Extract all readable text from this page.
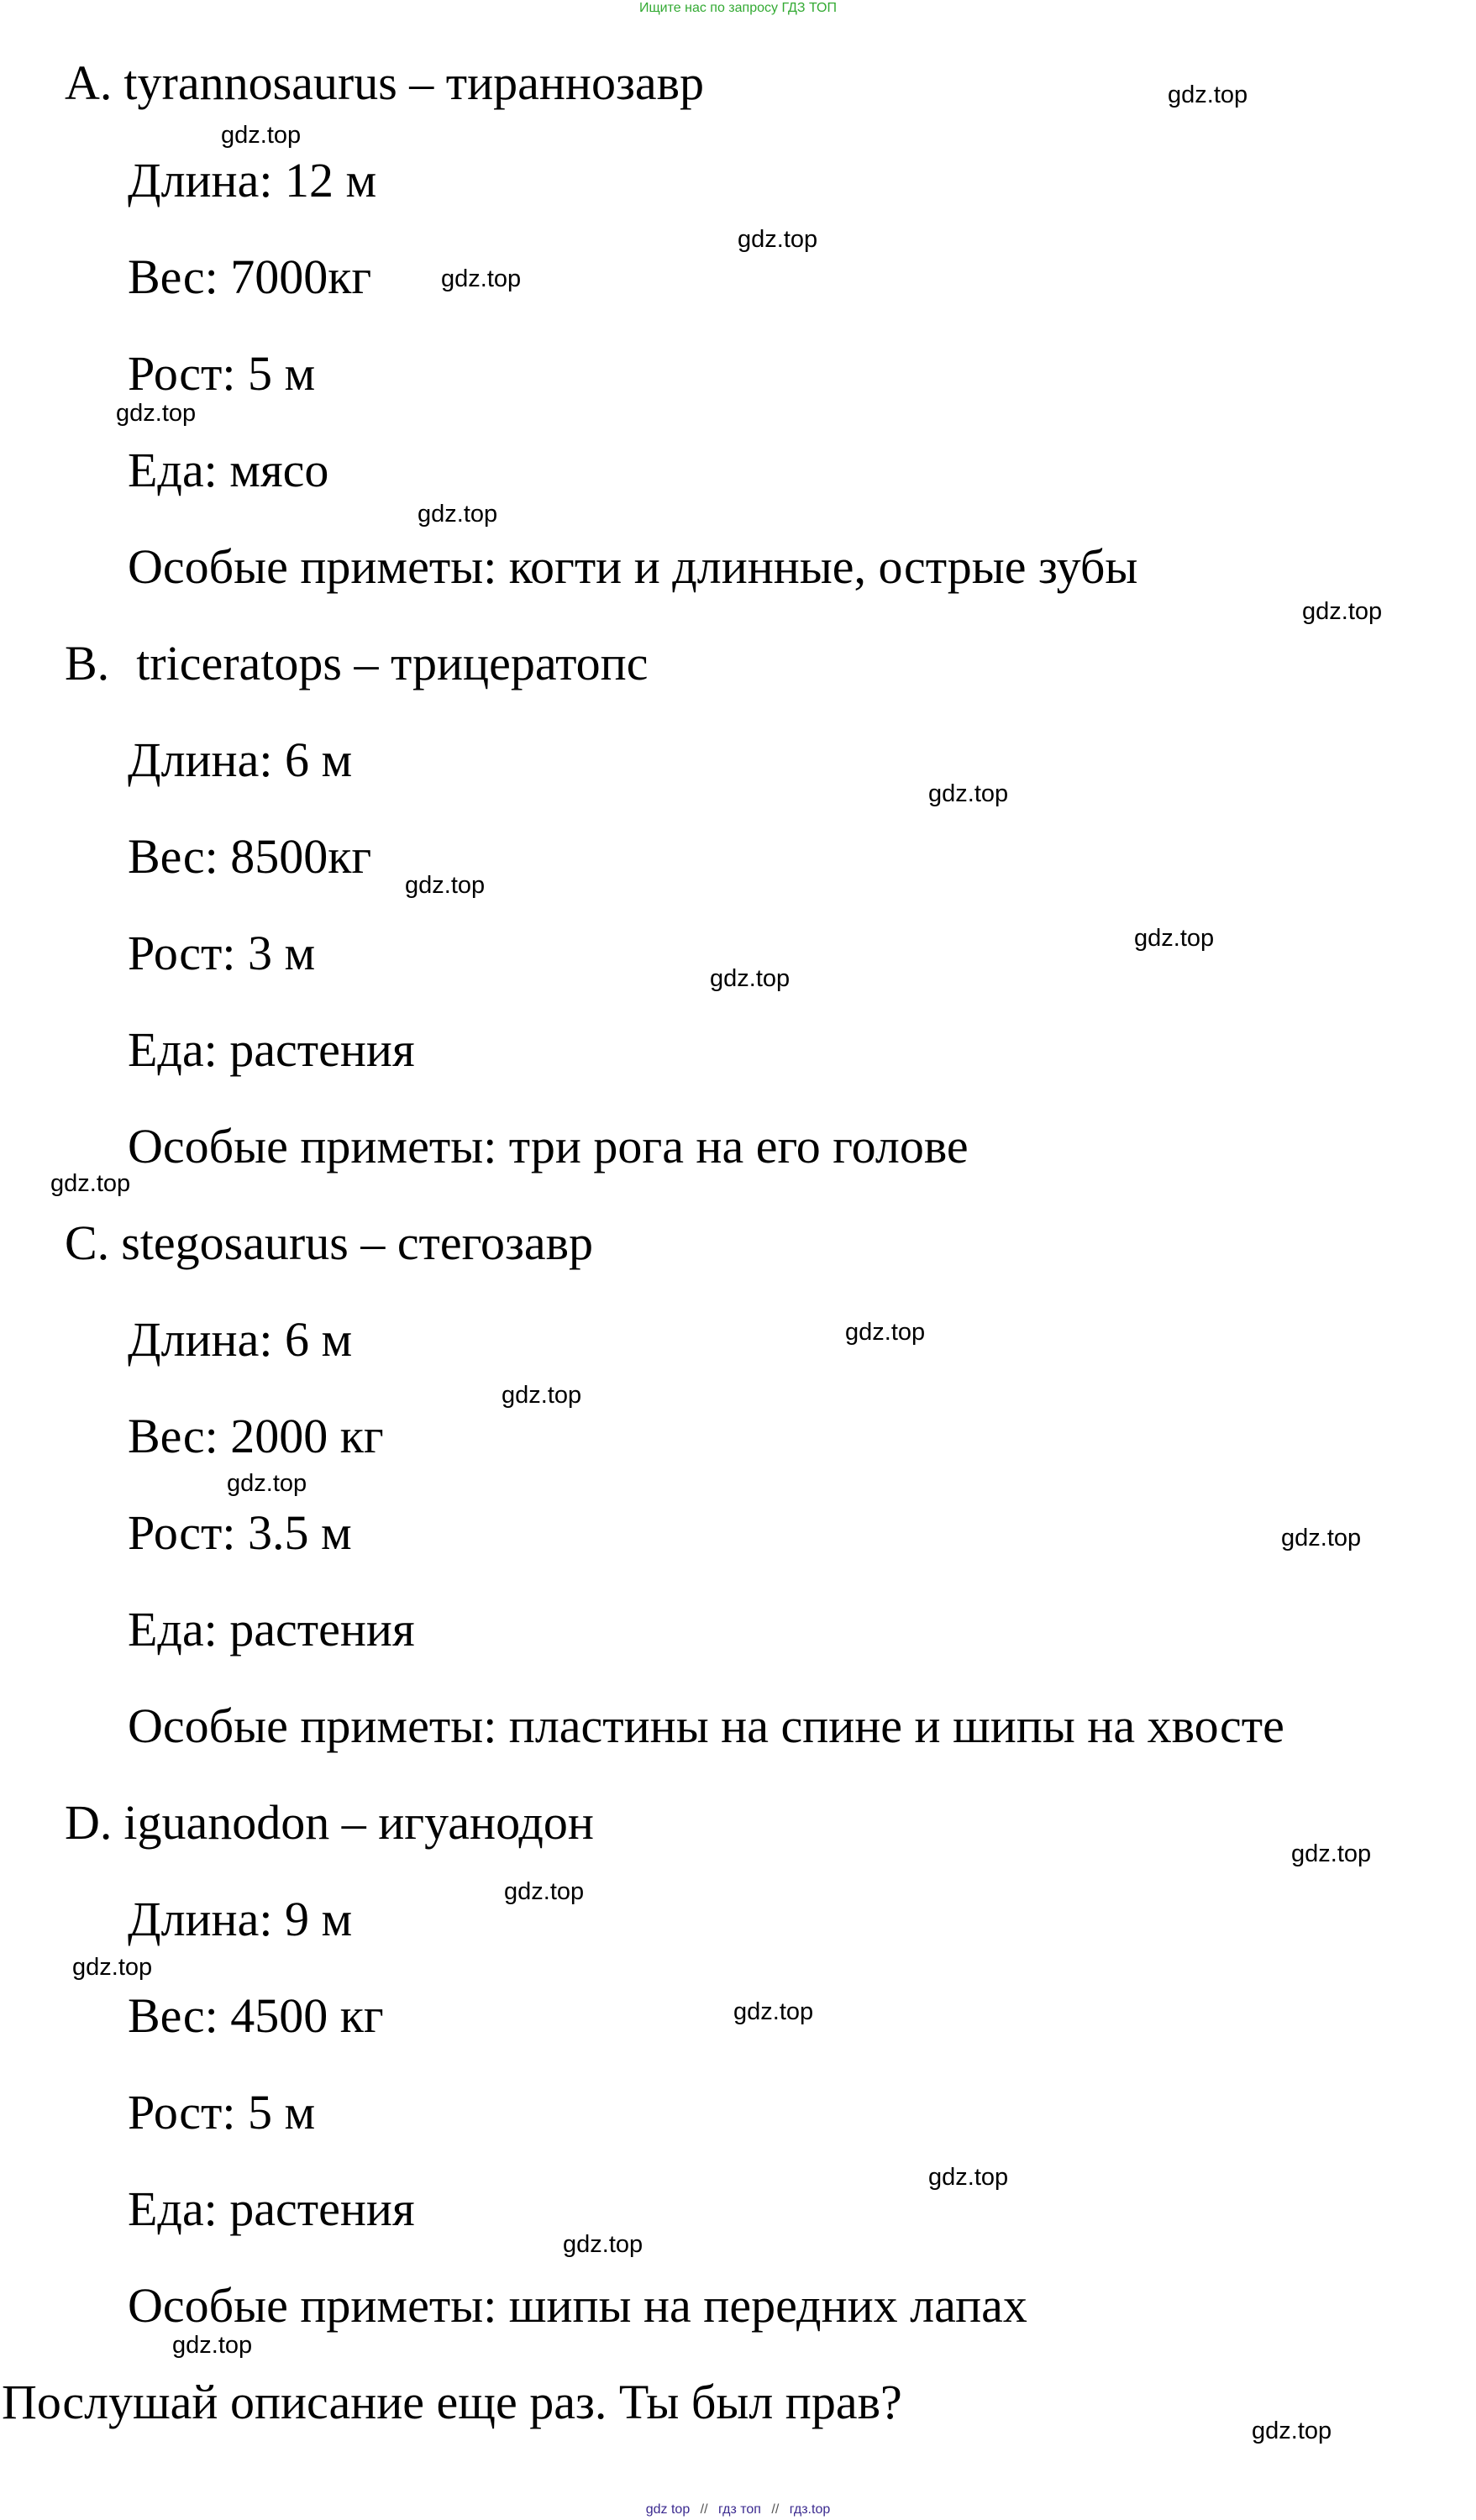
Ищите нас по запросу ГДЗ ТОП
A. tyrannosaurus – тираннозавр
Длина: 12 м
Вес: 7000кг
Рост: 5 м
Еда: мясо
Особые приметы: когти и длинные, острые зубы
B. triceratops – трицератопс
Длина: 6 м
Вес: 8500кг
Рост: 3 м
Еда: растения
Особые приметы: три рога на его голове
C. stegosaurus – стегозавр
Длина: 6 м
Вес: 2000 кг
Рост: 3.5 м
Еда: растения
Особые приметы: пластины на спине и шипы на хвосте
D. iguanodon – игуанодон
Длина: 9 м
Вес: 4500 кг
Рост: 5 м
Еда: растения
Особые приметы: шипы на передних лапах
Послушай описание еще раз. Ты был прав?
gdz.top
gdz.top
gdz.top
gdz.top
gdz.top
gdz.top
gdz.top
gdz.top
gdz.top
gdz.top
gdz.top
gdz.top
gdz.top
gdz.top
gdz.top
gdz.top
gdz.top
gdz.top
gdz.top
gdz.top
gdz.top
gdz.top
gdz.top
gdz.top
gdz top // гдз топ // гдз.top
